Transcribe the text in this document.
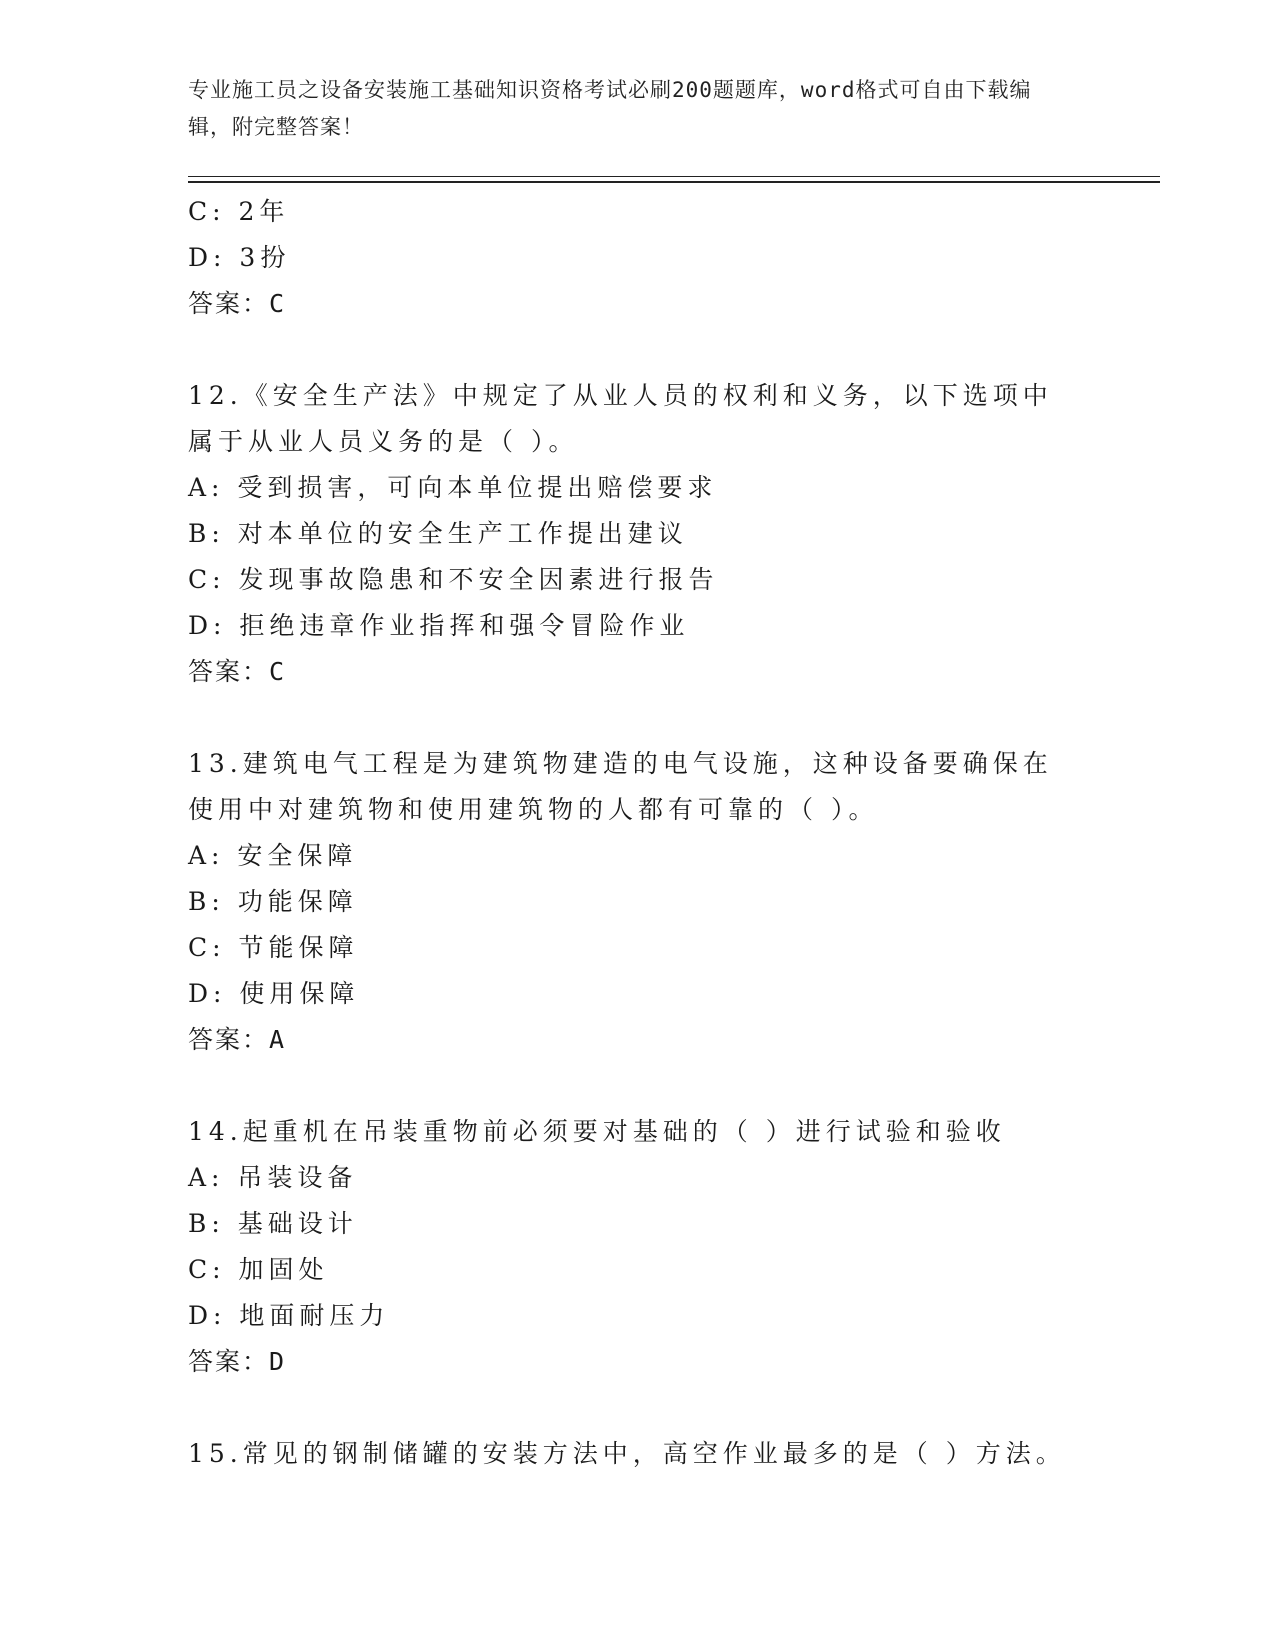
专业施工员之设备安装施工基础知识资格考试必刷200题题库，word格式可自由下载编辑，附完整答案！
C: 2年
D: 3扮
答案：C
12.《安全生产法》中规定了从业人员的权利和义务，以下选项中属于从业人员义务的是（ ）。
A: 受到损害，可向本单位提出赔偿要求
B: 对本单位的安全生产工作提出建议
C: 发现事故隐患和不安全因素进行报告
D: 拒绝违章作业指挥和强令冒险作业
答案：C
13.建筑电气工程是为建筑物建造的电气设施，这种设备要确保在使用中对建筑物和使用建筑物的人都有可靠的（ ）。
A: 安全保障
B: 功能保障
C: 节能保障
D: 使用保障
答案：A
14.起重机在吊装重物前必须要对基础的（ ）进行试验和验收
A: 吊装设备
B: 基础设计
C: 加固处
D: 地面耐压力
答案：D
15.常见的钢制储罐的安装方法中，高空作业最多的是（ ）方法。
